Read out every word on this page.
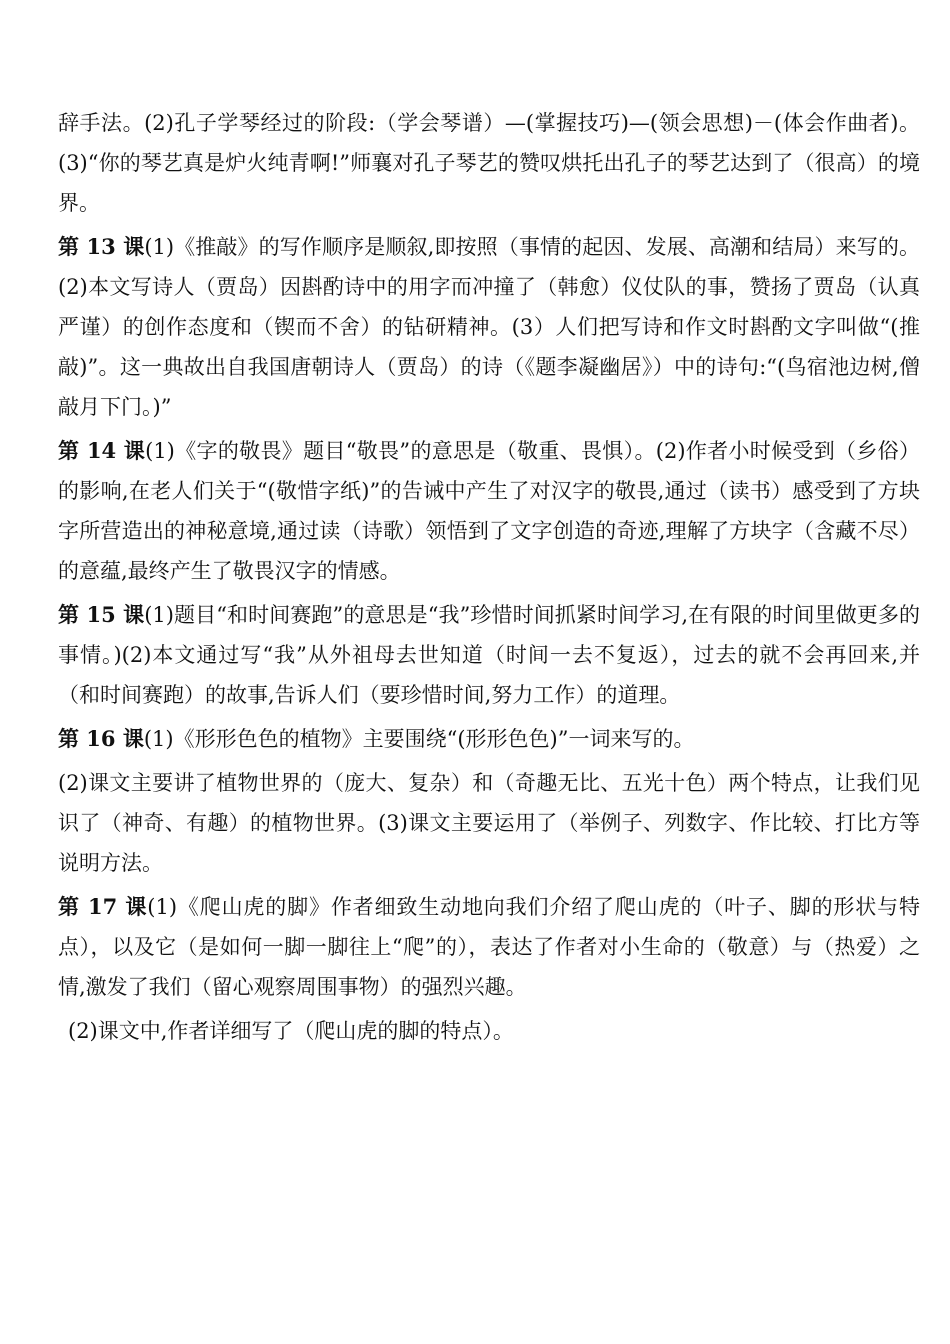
辞手法。(2)孔子学琴经过的阶段:（学会琴谱）—(掌握技巧)—(领会思想)－(体会作曲者)。(3)“你的琴艺真是炉火纯青啊!”师襄对孔子琴艺的赞叹烘托出孔子的琴艺达到了（很高）的境界。

第 13 课(1)《推敲》的写作顺序是顺叙,即按照（事情的起因、发展、高潮和结局）来写的。(2)本文写诗人（贾岛）因斟酌诗中的用字而冲撞了（韩愈）仪仗队的事，赞扬了贾岛（认真严谨）的创作态度和（锲而不舍）的钻研精神。(3）人们把写诗和作文时斟酌文字叫做“(推敲)”。这一典故出自我国唐朝诗人（贾岛）的诗（《题李凝幽居》）中的诗句:“(鸟宿池边树,僧敲月下门。)”

第 14 课(1)《字的敬畏》题目“敬畏”的意思是（敬重、畏惧）。(2)作者小时候受到（乡俗）的影响,在老人们关于“(敬惜字纸)”的告诫中产生了对汉字的敬畏,通过（读书）感受到了方块字所营造出的神秘意境,通过读（诗歌）领悟到了文字创造的奇迹,理解了方块字（含藏不尽）的意蕴,最终产生了敬畏汉字的情感。

第 15 课(1)题目“和时间赛跑”的意思是“我”珍惜时间抓紧时间学习,在有限的时间里做更多的事情。)(2)本文通过写“我”从外祖母去世知道（时间一去不复返），过去的就不会再回来,并（和时间赛跑）的故事,告诉人们（要珍惜时间,努力工作）的道理。

第 16 课(1)《形形色色的植物》主要围绕“(形形色色)”一词来写的。

(2)课文主要讲了植物世界的（庞大、复杂）和（奇趣无比、五光十色）两个特点，让我们见识了（神奇、有趣）的植物世界。(3)课文主要运用了（举例子、列数字、作比较、打比方等说明方法。

第 17 课(1)《爬山虎的脚》作者细致生动地向我们介绍了爬山虎的（叶子、脚的形状与特点），以及它（是如何一脚一脚往上“爬”的），表达了作者对小生命的（敬意）与（热爱）之情,激发了我们（留心观察周围事物）的强烈兴趣。

(2)课文中,作者详细写了（爬山虎的脚的特点）。
